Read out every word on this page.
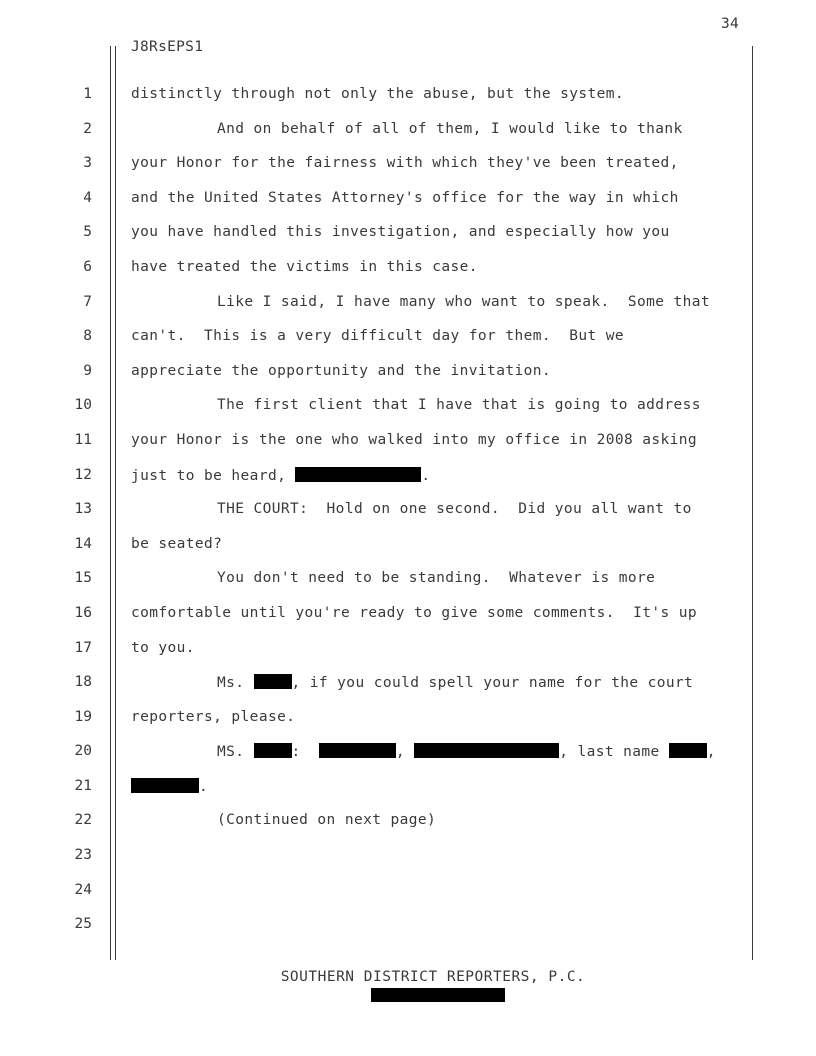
34
J8RsEPS1
1	distinctly through not only the abuse, but the system.
2	And on behalf of all of them, I would like to thank
3	your Honor for the fairness with which they've been treated,
4	and the United States Attorney's office for the way in which
5	you have handled this investigation, and especially how you
6	have treated the victims in this case.
7	Like I said, I have many who want to speak.  Some that
8	can't.  This is a very difficult day for them.  But we
9	appreciate the opportunity and the invitation.
10	The first client that I have that is going to address
11	your Honor is the one who walked into my office in 2008 asking
12	just to be heard,	.
13	THE COURT:  Hold on one second.  Did you all want to
14	be seated?
15	You don't need to be standing.  Whatever is more
16	comfortable until you're ready to give some comments.  It's up
17	to you.
18	Ms.	, if you could spell your name for the court
19	reporters, please.
20	MS.	:	,	, last name	,
21	.
22	(Continued on next page)
23
24
25
SOUTHERN DISTRICT REPORTERS, P.C.
